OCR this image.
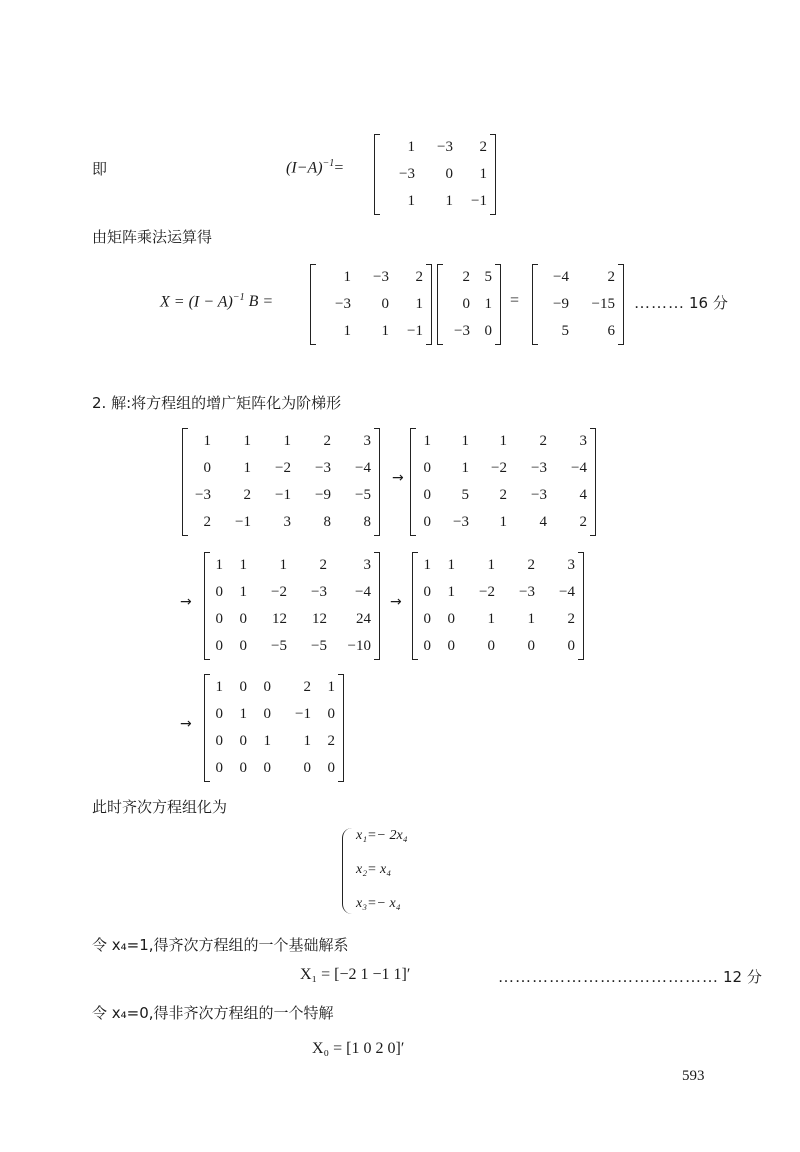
即	$(I-A)^{-1}=$
1	−3	2
−3	0	1
1	1	−1
由矩阵乘法运算得
$X = (I - A)^{-1}$ B =
1	−3	2
−3	0	1
1	1	−1
2 5
0 1
−3 0
=
−4	2
−9	−15
5	6
……… 16 分
2. 解:将方程组的增广矩阵化为阶梯形
1	1	1	2	3
0	1	−2	−3	−4
−3	2	−1	−9	−5
2	−1	3	8	8
→
1	1	1	2	3
0	1	−2	−3	−4
0	5	2	−3	4
0	−3	1	4	2
→
1	1	1	2	3
0	1	−2	−3	−4
0	0	12	12	24
0	0	−5	−5	−10
→
1	1	1	2	3
0	1	−2	−3	−4
0	0	1	1	2
0	0	0	0	0
→
1	0	0	2	1
0	1	0	−1	0
0	0	1	1	2
0	0	0	0	0
此时齐次方程组化为
x₁=− 2x₄
x₂= x₄
x₃=− x₄
令 x₄=1,得齐次方程组的一个基础解系
X₁ = [−2 1 −1 1]′	………………………………… 12 分
令 x₄=0,得非齐次方程组的一个特解
X₀ = [1 0 2 0]′
593
